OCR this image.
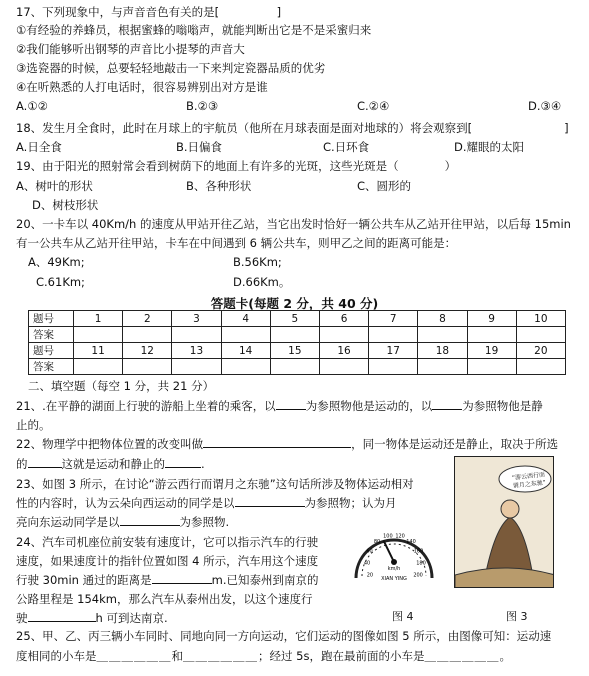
17、下列现象中，与声音音色有关的是[　　　　　]
①有经验的养蜂员，根据蜜蜂的嗡嗡声，就能判断出它是不是采蜜归来
②我们能够听出钢琴的声音比小提琴的声音大
③选瓷器的时候，总要轻轻地敲击一下来判定瓷器品质的优劣
④在听熟悉的人打电话时，很容易辨别出对方是谁
A.①②	B.②③	C.②④	D.③④
18、发生月全食时，此时在月球上的宇航员（他所在月球表面是面对地球的）将会观察到[　　　　　　　　]
A.日全食	B.日偏食	C.日环食	D.耀眼的太阳
19、由于阳光的照射常会看到树荫下的地面上有许多的光斑，这些光斑是（　　　　）
A、树叶的形状	B、各种形状	C、圆形的
D、树枝形状
20、一卡车以 40Km/h 的速度从甲站开往乙站，当它出发时恰好一辆公共车从乙站开往甲站，以后每 15min
有一公共车从乙站开往甲站，卡车在中间遇到 6 辆公共车，则甲乙之间的距离可能是：
A、49Km;	B.56Km;
C.61Km;	D.66Km。
答题卡(每题 2 分，共 40 分)
题号	1	2	3	4	5	6	7	8	9	10
答案										
题号	11	12	13	14	15	16	17	18	19	20
答案										
二、填空题（每空 1 分，共 21 分）
21、.在平静的湖面上行驶的游船上坐着的乘客，以	为参照物他是运动的，以	为参照物他是静
止的。
22、物理学中把物体位置的改变叫做	，同一物体是运动还是静止，取决于所选
的	这就是运动和静止的	.
23、如图 3 所示，在讨论“游云西行而谓月之东驰”这句话所涉及物体运动相对
性的内容时，认为云朵向西运动的同学是以	为参照物；认为月
亮向东运动同学是以	为参照物.
24、汽车司机座位前安装有速度计，它可以指示汽车的行驶
速度，如果速度计的指针位置如图 4 所示，汽车用这个速度
行驶 30min 通过的距离是	m.已知泰州到南京的
公路里程是 154km，那么汽车从泰州出发，以这个速度行
驶	h 可到达南京.
20
40
60
80
100 120
140
160
180
200
km/h
XIAN YING
图 4
“游云西行而谓月之东驰”
图 3
25、甲、乙、丙三辆小车同时、同地向同一方向运动，它们运动的图像如图 5 所示，由图像可知：运动速
度相同的小车是＿＿＿＿＿＿和＿＿＿＿＿＿；经过 5s，跑在最前面的小车是＿＿＿＿＿＿。
